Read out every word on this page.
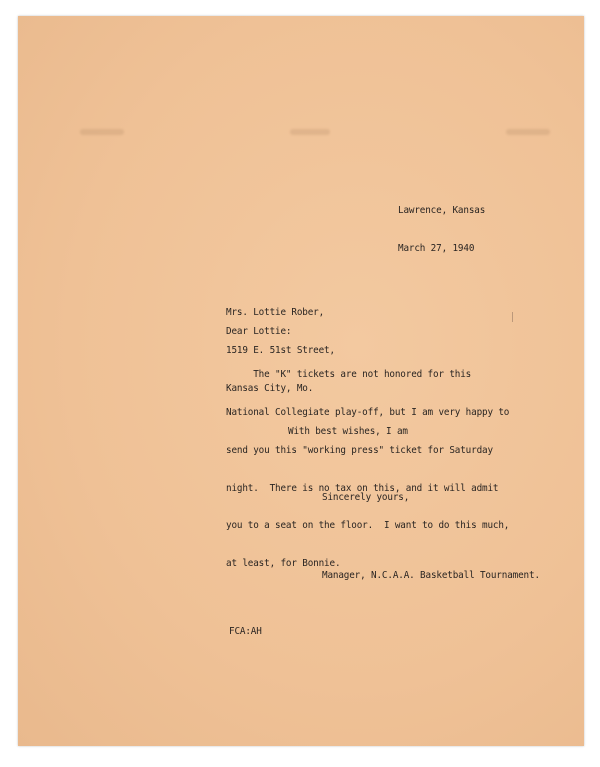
Lawrence, Kansas

March 27, 1940

Mrs. Lottie Rober,

1519 E. 51st Street,

Kansas City, Mo.

Dear Lottie:

The "K" tickets are not honored for this

National Collegiate play-off, but I am very happy to

send you this "working press" ticket for Saturday

night.  There is no tax on this, and it will admit

you to a seat on the floor.  I want to do this much,

at least, for Bonnie.

With best wishes, I am
Sincerely yours,
Manager, N.C.A.A. Basketball Tournament.
FCA:AH
